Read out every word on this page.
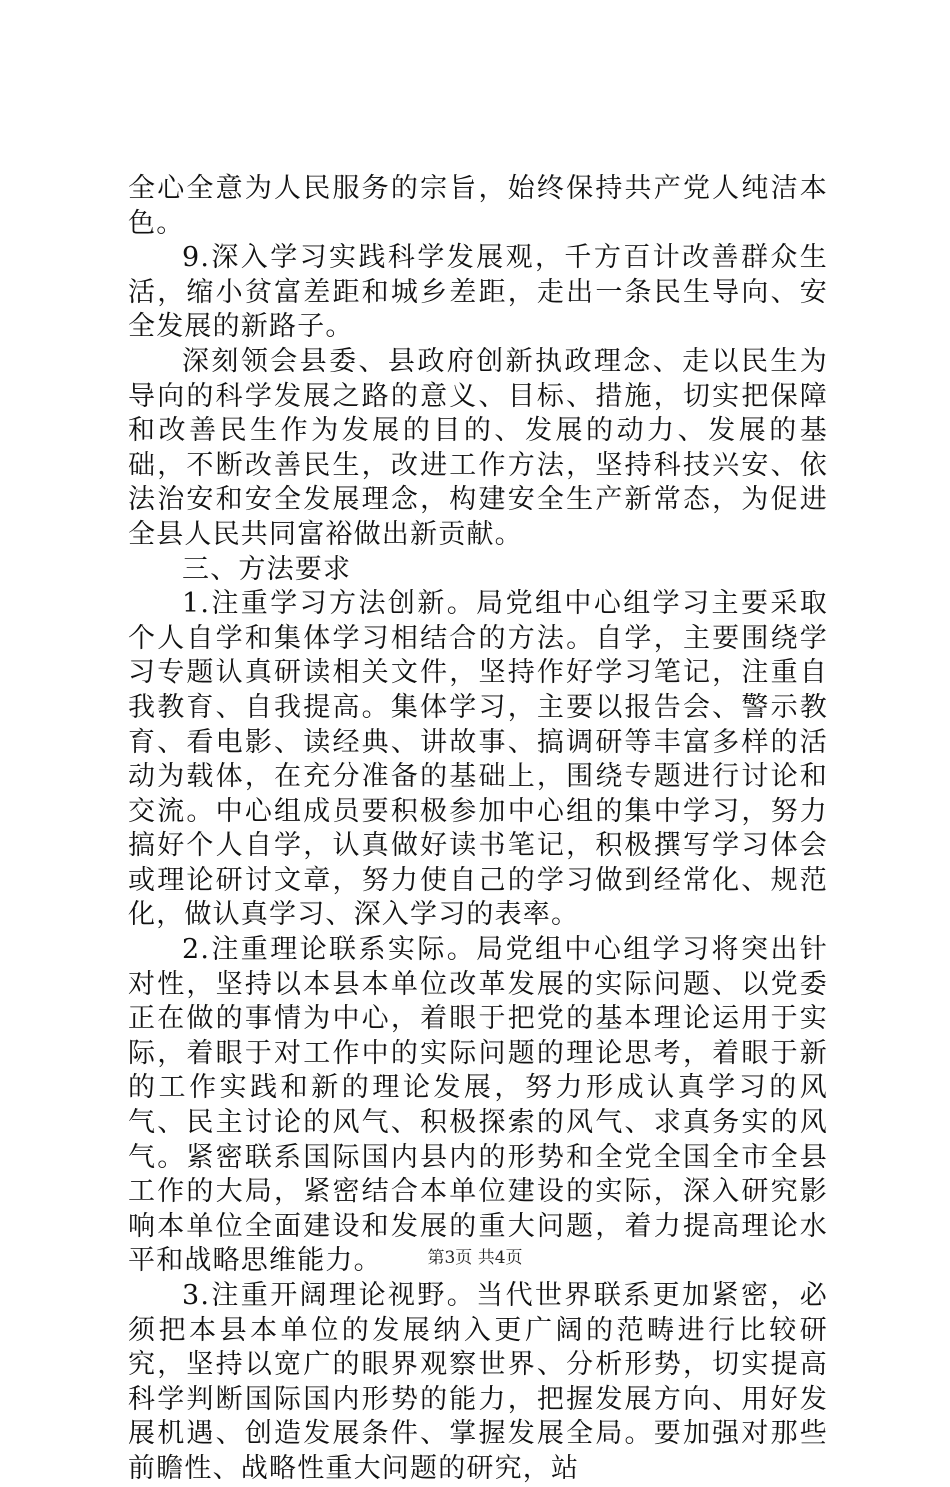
全心全意为人民服务的宗旨，始终保持共产党人纯洁本色。

9.深入学习实践科学发展观，千方百计改善群众生活，缩小贫富差距和城乡差距，走出一条民生导向、安全发展的新路子。

深刻领会县委、县政府创新执政理念、走以民生为导向的科学发展之路的意义、目标、措施，切实把保障和改善民生作为发展的目的、发展的动力、发展的基础，不断改善民生，改进工作方法，坚持科技兴安、依法治安和安全发展理念，构建安全生产新常态，为促进全县人民共同富裕做出新贡献。

三、方法要求

1.注重学习方法创新。局党组中心组学习主要采取个人自学和集体学习相结合的方法。自学，主要围绕学习专题认真研读相关文件，坚持作好学习笔记，注重自我教育、自我提高。集体学习，主要以报告会、警示教育、看电影、读经典、讲故事、搞调研等丰富多样的活动为载体，在充分准备的基础上，围绕专题进行讨论和交流。中心组成员要积极参加中心组的集中学习，努力搞好个人自学，认真做好读书笔记，积极撰写学习体会或理论研讨文章，努力使自己的学习做到经常化、规范化，做认真学习、深入学习的表率。

2.注重理论联系实际。局党组中心组学习将突出针对性，坚持以本县本单位改革发展的实际问题、以党委正在做的事情为中心，着眼于把党的基本理论运用于实际，着眼于对工作中的实际问题的理论思考，着眼于新的工作实践和新的理论发展，努力形成认真学习的风气、民主讨论的风气、积极探索的风气、求真务实的风气。紧密联系国际国内县内的形势和全党全国全市全县工作的大局，紧密结合本单位建设的实际，深入研究影响本单位全面建设和发展的重大问题，着力提高理论水平和战略思维能力。

3.注重开阔理论视野。当代世界联系更加紧密，必须把本县本单位的发展纳入更广阔的范畴进行比较研究，坚持以宽广的眼界观察世界、分析形势，切实提高科学判断国际国内形势的能力，把握发展方向、用好发展机遇、创造发展条件、掌握发展全局。要加强对那些前瞻性、战略性重大问题的研究，站

第3页 共4页
